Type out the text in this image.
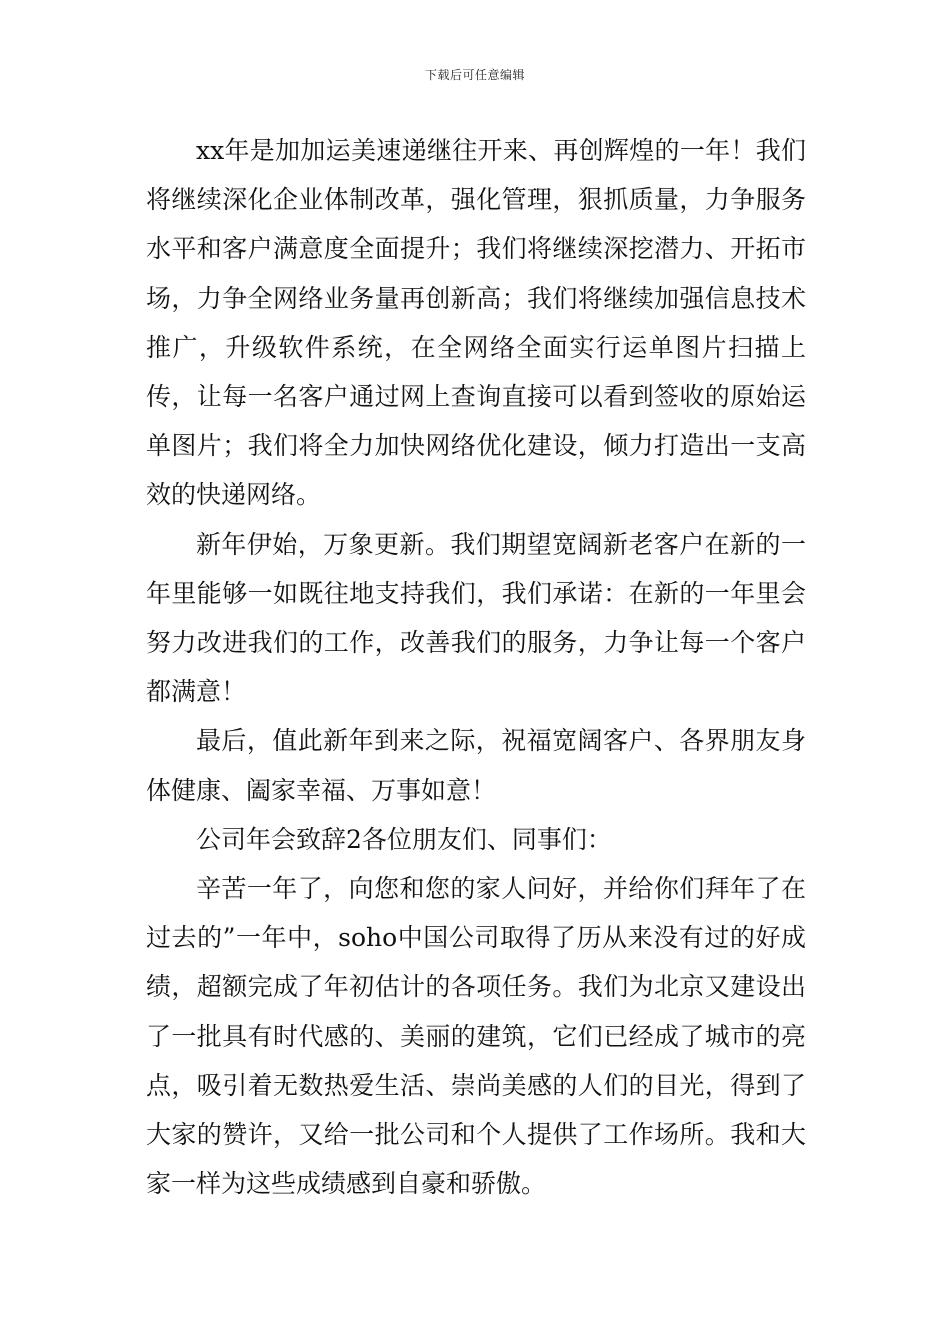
下载后可任意编辑

xx年是加加运美速递继往开来、再创辉煌的一年！我们将继续深化企业体制改革，强化管理，狠抓质量，力争服务水平和客户满意度全面提升；我们将继续深挖潜力、开拓市场，力争全网络业务量再创新高；我们将继续加强信息技术推广，升级软件系统，在全网络全面实行运单图片扫描上传，让每一名客户通过网上查询直接可以看到签收的原始运单图片；我们将全力加快网络优化建设，倾力打造出一支高效的快递网络。

新年伊始，万象更新。我们期望宽阔新老客户在新的一年里能够一如既往地支持我们，我们承诺：在新的一年里会努力改进我们的工作，改善我们的服务，力争让每一个客户都满意！

最后，值此新年到来之际，祝福宽阔客户、各界朋友身体健康、阖家幸福、万事如意！

公司年会致辞2各位朋友们、同事们：

辛苦一年了，向您和您的家人问好，并给你们拜年了在过去的”一年中，soho中国公司取得了历从来没有过的好成绩，超额完成了年初估计的各项任务。我们为北京又建设出了一批具有时代感的、美丽的建筑，它们已经成了城市的亮点，吸引着无数热爱生活、崇尚美感的人们的目光，得到了大家的赞许，又给一批公司和个人提供了工作场所。我和大家一样为这些成绩感到自豪和骄傲。
